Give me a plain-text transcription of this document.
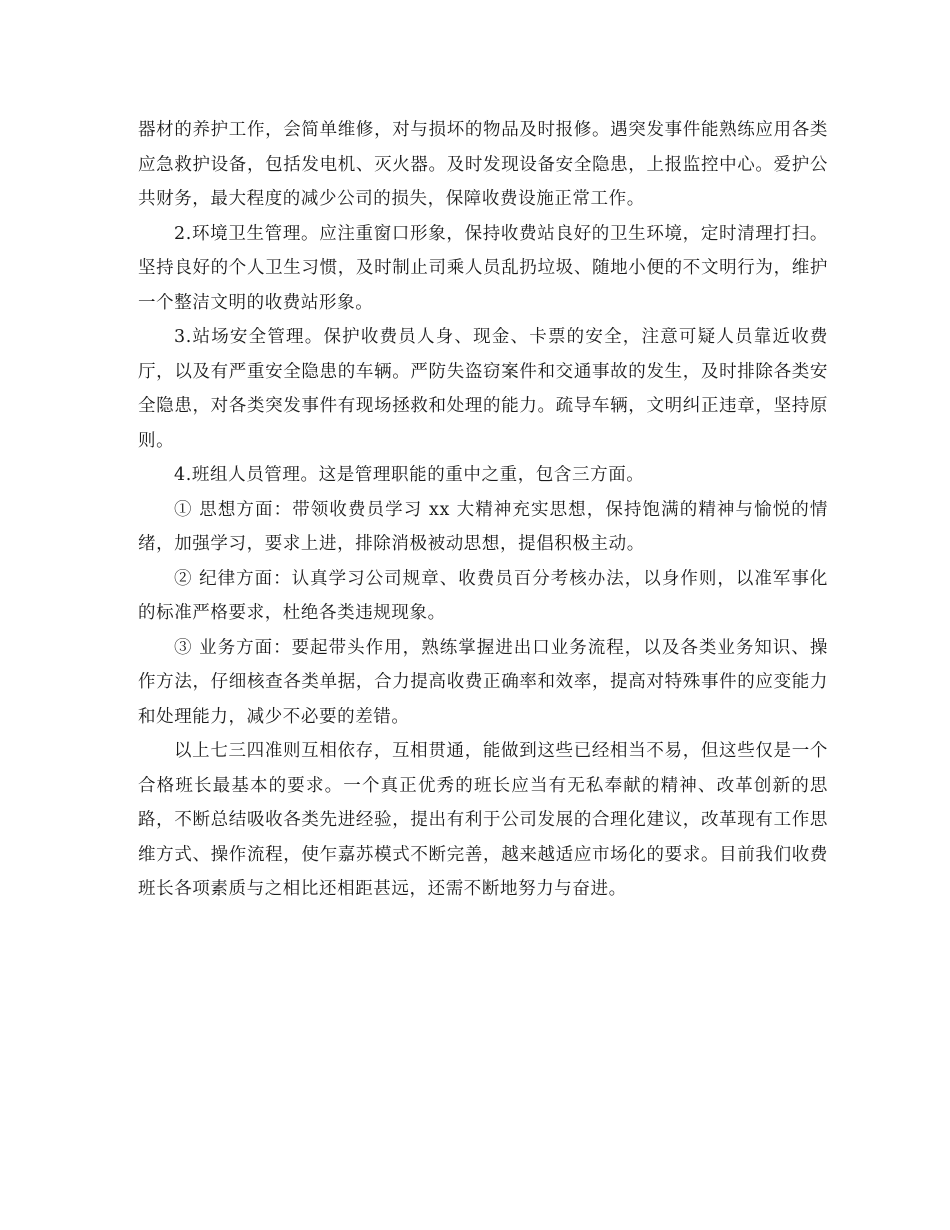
器材的养护工作，会简单维修，对与损坏的物品及时报修。遇突发事件能熟练应用各类应急救护设备，包括发电机、灭火器。及时发现设备安全隐患，上报监控中心。爱护公共财务，最大程度的减少公司的损失，保障收费设施正常工作。

2.环境卫生管理。应注重窗口形象，保持收费站良好的卫生环境，定时清理打扫。坚持良好的个人卫生习惯，及时制止司乘人员乱扔垃圾、随地小便的不文明行为，维护一个整洁文明的收费站形象。

3.站场安全管理。保护收费员人身、现金、卡票的安全，注意可疑人员靠近收费厅，以及有严重安全隐患的车辆。严防失盗窃案件和交通事故的发生，及时排除各类安全隐患，对各类突发事件有现场拯救和处理的能力。疏导车辆，文明纠正违章，坚持原则。

4.班组人员管理。这是管理职能的重中之重，包含三方面。

① 思想方面：带领收费员学习 xx 大精神充实思想，保持饱满的精神与愉悦的情绪，加强学习，要求上进，排除消极被动思想，提倡积极主动。

② 纪律方面：认真学习公司规章、收费员百分考核办法，以身作则，以准军事化的标准严格要求，杜绝各类违规现象。

③ 业务方面：要起带头作用，熟练掌握进出口业务流程，以及各类业务知识、操作方法，仔细核查各类单据，合力提高收费正确率和效率，提高对特殊事件的应变能力和处理能力，减少不必要的差错。

以上七三四准则互相依存，互相贯通，能做到这些已经相当不易，但这些仅是一个合格班长最基本的要求。一个真正优秀的班长应当有无私奉献的精神、改革创新的思路，不断总结吸收各类先进经验，提出有利于公司发展的合理化建议，改革现有工作思维方式、操作流程，使乍嘉苏模式不断完善，越来越适应市场化的要求。目前我们收费班长各项素质与之相比还相距甚远，还需不断地努力与奋进。
